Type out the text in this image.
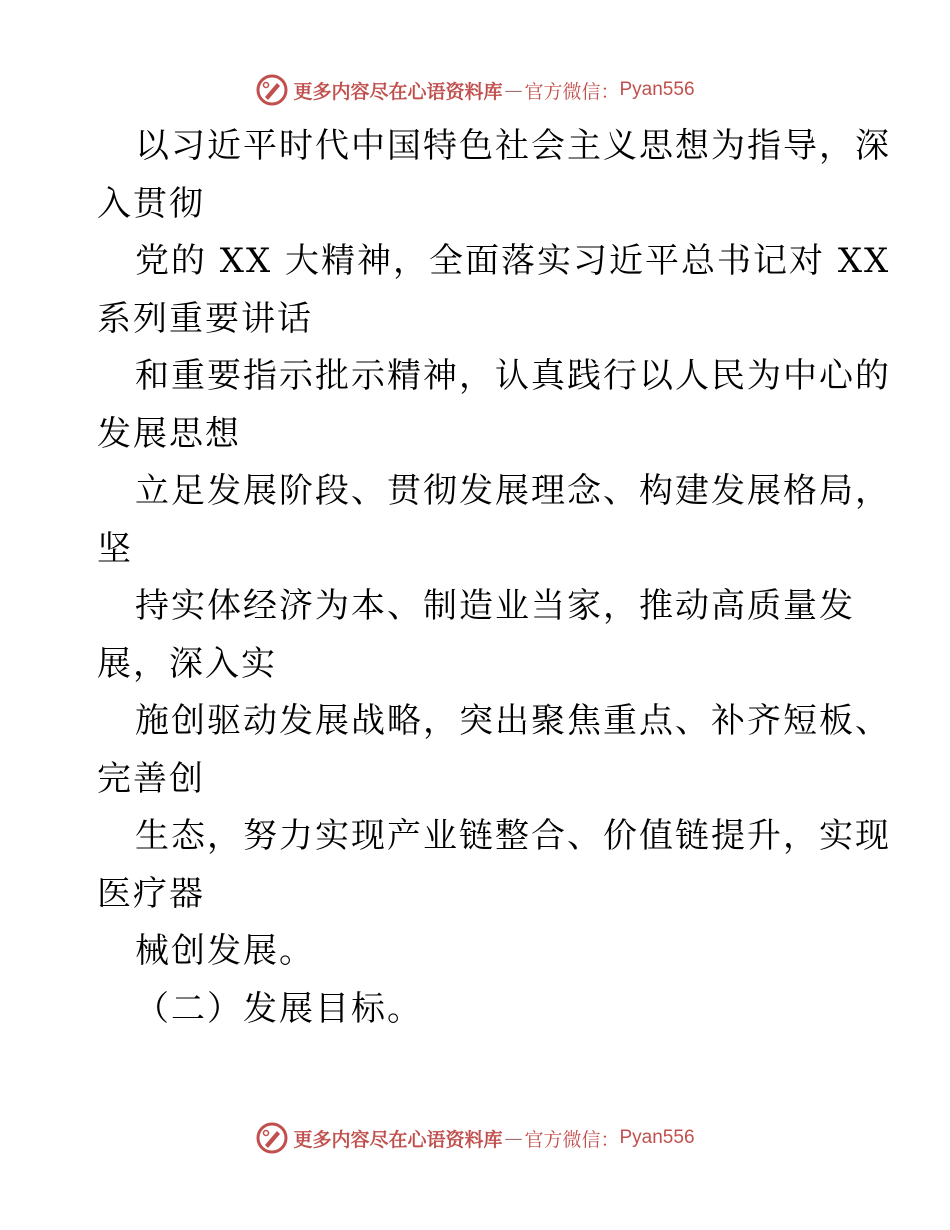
更多内容尽在心语资料库 — 官方微信： Pyan556
以习近平时代中国特色社会主义思想为指导，深
入贯彻
党的 XX 大精神，全面落实习近平总书记对 XX
系列重要讲话
和重要指示批示精神，认真践行以人民为中心的
发展思想
立足发展阶段、贯彻发展理念、构建发展格局，
坚
持实体经济为本、制造业当家，推动高质量发
展，深入实
施创驱动发展战略，突出聚焦重点、补齐短板、
完善创
生态，努力实现产业链整合、价值链提升，实现
医疗器
械创发展。
（二）发展目标。
更多内容尽在心语资料库 — 官方微信： Pyan556
